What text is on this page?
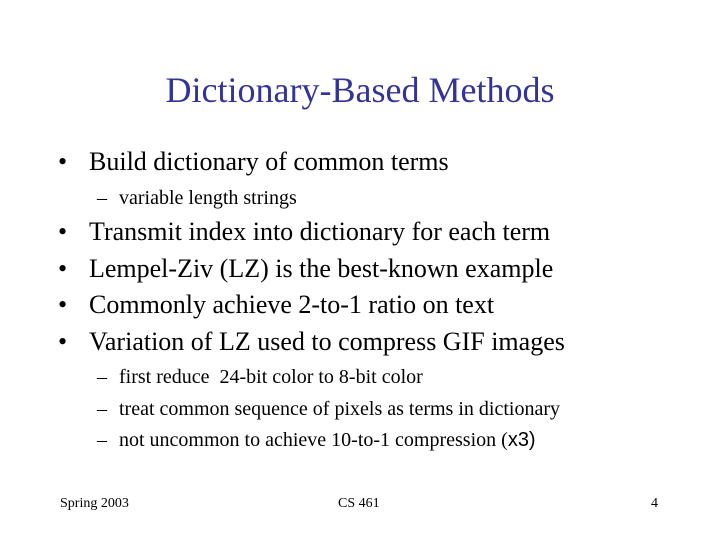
Dictionary-Based Methods
• Build dictionary of common terms
– variable length strings
• Transmit index into dictionary for each term
• Lempel-Ziv (LZ) is the best-known example
• Commonly achieve 2-to-1 ratio on text
• Variation of LZ used to compress GIF images
– first reduce  24-bit color to 8-bit color
– treat common sequence of pixels as terms in dictionary
– not uncommon to achieve 10-to-1 compression (x3)
Spring 2003	CS 461	4
